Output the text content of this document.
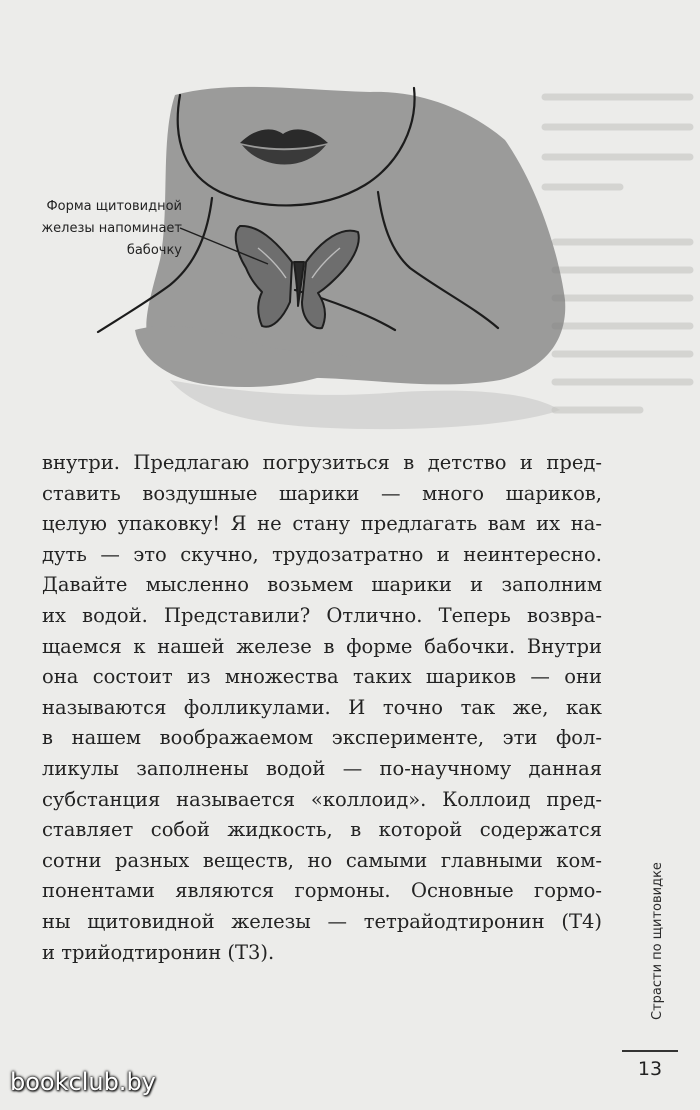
Форма щитовидной
железы напоминает
бабочку
внутри. Предлагаю погрузиться в детство и пред-
ставить воздушные шарики — много шариков,
целую упаковку! Я не стану предлагать вам их на-
дуть — это скучно, трудозатратно и неинтересно.
Давайте мысленно возьмем шарики и заполним
их водой. Представили? Отлично. Теперь возвра-
щаемся к нашей железе в форме бабочки. Внутри
она состоит из множества таких шариков — они
называются фолликулами. И точно так же, как
в нашем воображаемом эксперименте, эти фол-
ликулы заполнены водой — по-научному данная
субстанция называется «коллоид». Коллоид пред-
ставляет собой жидкость, в которой содержатся
сотни разных веществ, но самыми главными ком-
понентами являются гормоны. Основные гормо-
ны щитовидной железы — тетрайодтиронин (Т4)
и трийодтиронин (Т3).	Страсти по щитовидке
13
bookclub.by
